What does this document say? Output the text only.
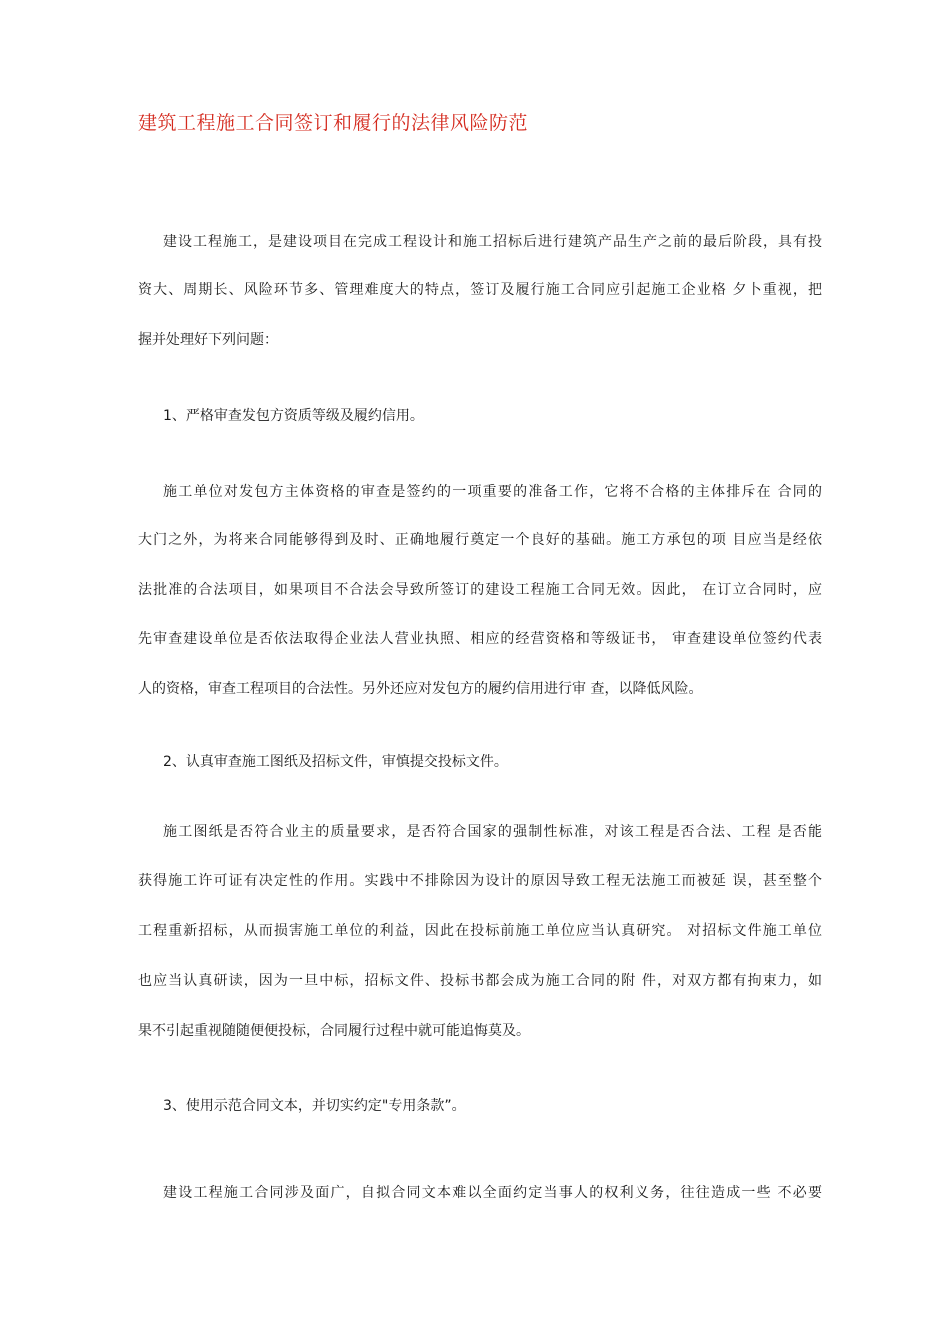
建筑工程施工合同签订和履行的法律风险防范
建设工程施工，是建设项目在完成工程设计和施工招标后进行建筑产品生产之前的最后阶段，具有投
资大、周期长、风险环节多、管理难度大的特点，签订及履行施工合同应引起施工企业格 夕卜重视，把
握并处理好下列问题：
1、严格审查发包方资质等级及履约信用。
施工单位对发包方主体资格的审查是签约的一项重要的准备工作，它将不合格的主体排斥在 合同的
大门之外，为将来合同能够得到及时、正确地履行奠定一个良好的基础。施工方承包的项 目应当是经依
法批准的合法项目，如果项目不合法会导致所签订的建设工程施工合同无效。因此， 在订立合同时，应
先审查建设单位是否依法取得企业法人营业执照、相应的经营资格和等级证书， 审查建设单位签约代表
人的资格，审查工程项目的合法性。另外还应对发包方的履约信用进行审 查，以降低风险。
2、认真审查施工图纸及招标文件，审慎提交投标文件。
施工图纸是否符合业主的质量要求，是否符合国家的强制性标准，对该工程是否合法、工程 是否能
获得施工许可证有决定性的作用。实践中不排除因为设计的原因导致工程无法施工而被延 误，甚至整个
工程重新招标，从而损害施工单位的利益，因此在投标前施工单位应当认真研究。 对招标文件施工单位
也应当认真研读，因为一旦中标，招标文件、投标书都会成为施工合同的附 件，对双方都有拘束力，如
果不引起重视随随便便投标，合同履行过程中就可能追悔莫及。
3、使用示范合同文本，并切实约定"专用条款”。
建设工程施工合同涉及面广，自拟合同文本难以全面约定当事人的权利义务，往往造成一些 不必要
